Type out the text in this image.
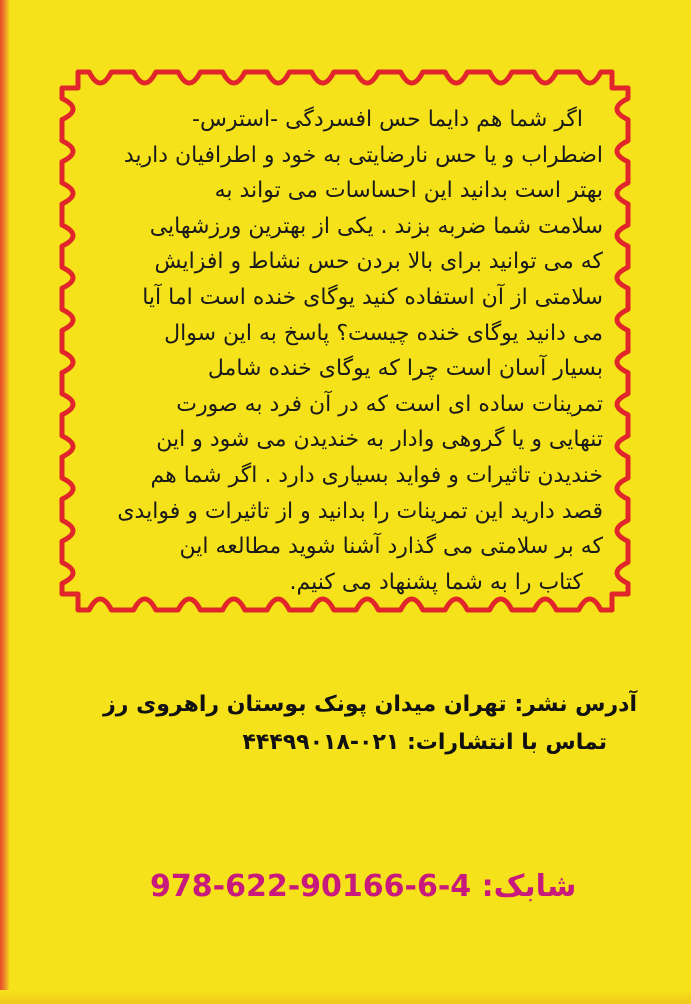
اگر شما هم دایما حس افسردگی -استرس-
اضطراب و یا حس نارضایتی به خود و اطرافیان دارید
بهتر است بدانید این احساسات می تواند به
سلامت شما ضربه بزند . یکی از بهترین ورزشهایی
که می توانید برای بالا بردن حس نشاط و افزایش
سلامتی از آن استفاده کنید یوگای خنده است اما آیا
می دانید یوگای خنده چیست؟ پاسخ به این سوال
بسیار آسان است چرا که یوگای خنده شامل
تمرینات ساده ای است که در آن فرد به صورت
تنهایی و یا گروهی وادار به خندیدن می شود و این
خندیدن تاثیرات و فواید بسیاری دارد . اگر شما هم
قصد دارید این تمرینات را بدانید و از تاثیرات و فوایدی
که بر سلامتی می گذارد آشنا شوید مطالعه این
کتاب را به شما پشنهاد می کنیم.
آدرس نشر: تهران میدان پونک بوستان راهروی رز
تماس با انتشارات: ۰۲۱-۴۴۴۹۹۰۱۸
978-622-90166-6-4 شابک:
